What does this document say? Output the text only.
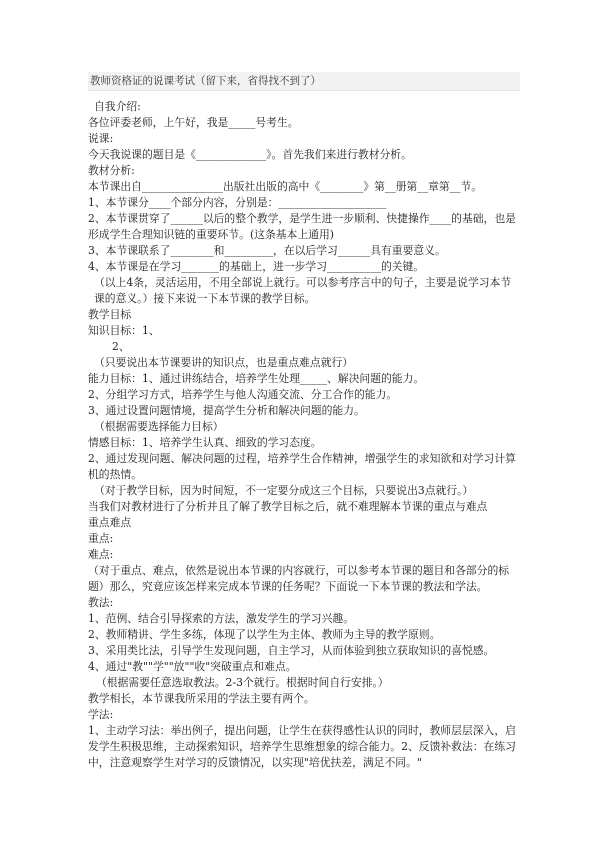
教师资格证的说课考试（留下来，省得找不到了）
自我介绍:
各位评委老师，上午好，我是_____号考生。
说课:
今天我说课的题目是《_____________》。首先我们来进行教材分析。
教材分析:
本节课出自_______________出版社出版的高中《________》第__册第__章第__节。
1、本节课分____个部分内容，分别是：____________________
2、本节课贯穿了______以后的整个教学，是学生进一步顺利、快捷操作____的基础，也是形成学生合理知识链的重要环节。(这条基本上通用)
3、本节课联系了________和_________，在以后学习______具有重要意义。
4、本节课是在学习_______的基础上，进一步学习__________的关键。
（以上4条，灵活运用，不用全部说上就行。可以参考序言中的句子，主要是说学习本节课的意义。）接下来说一下本节课的教学目标。
教学目标
知识目标：1、
2、
（只要说出本节课要讲的知识点，也是重点难点就行）
能力目标：1、通过讲练结合，培养学生处理_____、解决问题的能力。
2、分组学习方式，培养学生与他人沟通交流、分工合作的能力。
3、通过设置问题情境，提高学生分析和解决问题的能力。
（根据需要选择能力目标）
情感目标：1、培养学生认真、细致的学习态度。
2、通过发现问题、解决问题的过程，培养学生合作精神，增强学生的求知欲和对学习计算机的热情。
（对于教学目标，因为时间短，不一定要分成这三个目标，只要说出3点就行。）
当我们对教材进行了分析并且了解了教学目标之后，就不难理解本节课的重点与难点
重点难点
重点:
难点:
（对于重点、难点，依然是说出本节课的内容就行，可以参考本节课的题目和各部分的标题）那么，究竟应该怎样来完成本节课的任务呢？下面说一下本节课的教法和学法。
教法:
1、范例、结合引导探索的方法，激发学生的学习兴趣。
2、教师精讲、学生多练，体现了以学生为主体、教师为主导的教学原则。
3、采用类比法，引导学生发现问题，自主学习，从而体验到独立获取知识的喜悦感。
4、通过"教""学""放""收"突破重点和难点。
（根据需要任意选取教法。2-3个就行。根据时间自行安排。）
教学相长，本节课我所采用的学法主要有两个。
学法:
1、主动学习法：举出例子，提出问题，让学生在获得感性认识的同时，教师层层深入，启发学生积极思维，主动探索知识，培养学生思维想象的综合能力。2、反馈补救法：在练习中，注意观察学生对学习的反馈情况，以实现"培优扶差，满足不同。"
